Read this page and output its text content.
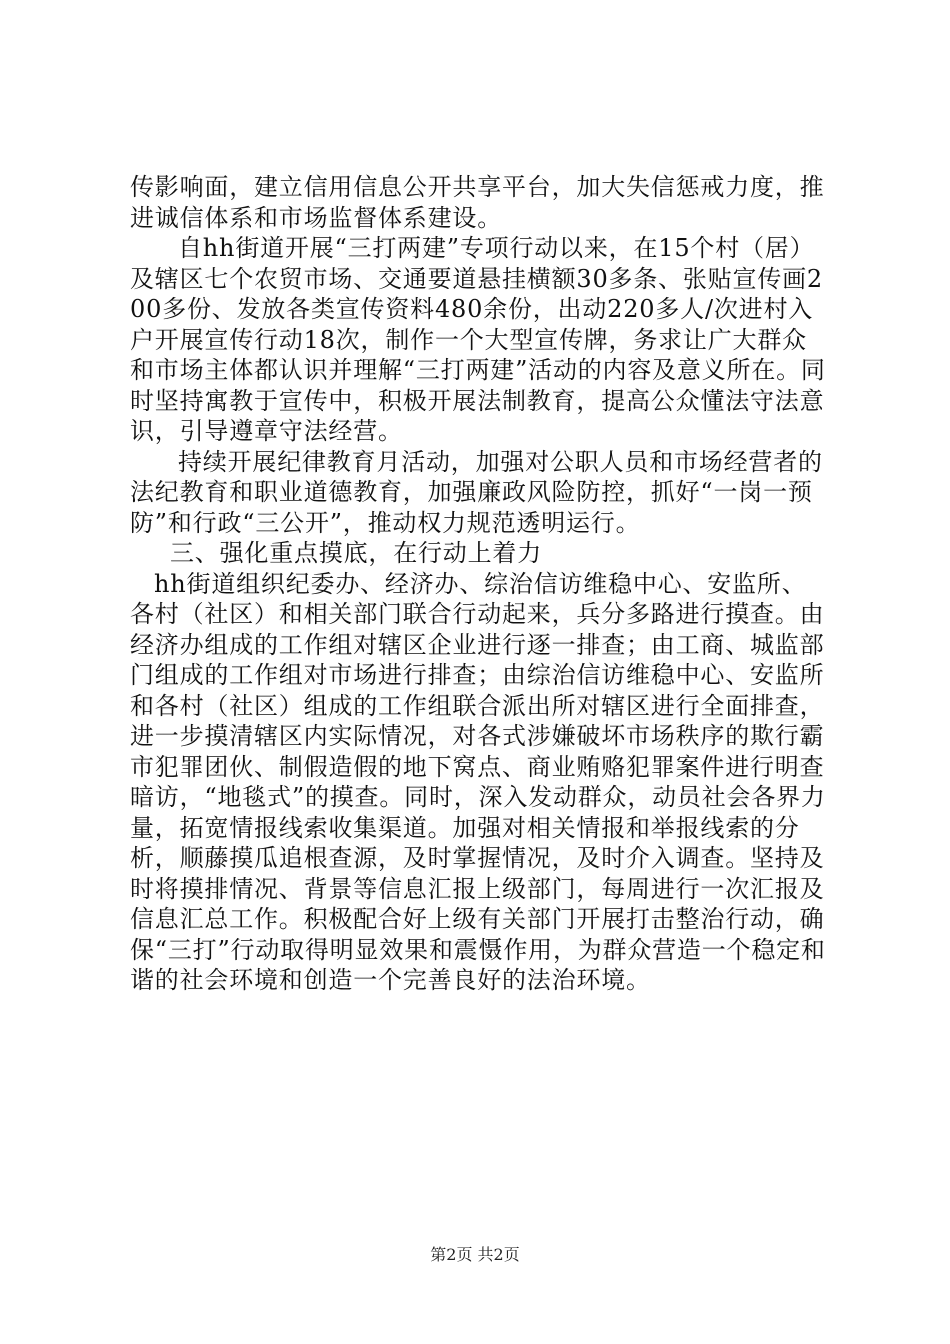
传影响面，建立信用信息公开共享平台，加大失信惩戒力度，推进诚信体系和市场监督体系建设。

自hh街道开展“三打两建”专项行动以来，在15个村（居）及辖区七个农贸市场、交通要道悬挂横额30多条、张贴宣传画200多份、发放各类宣传资料480余份，出动220多人/次进村入户开展宣传行动18次，制作一个大型宣传牌，务求让广大群众和市场主体都认识并理解“三打两建”活动的内容及意义所在。同时坚持寓教于宣传中，积极开展法制教育，提高公众懂法守法意识，引导遵章守法经营。

持续开展纪律教育月活动，加强对公职人员和市场经营者的法纪教育和职业道德教育，加强廉政风险防控，抓好“一岗一预防”和行政“三公开”，推动权力规范透明运行。

三、强化重点摸底，在行动上着力

hh街道组织纪委办、经济办、综治信访维稳中心、安监所、各村（社区）和相关部门联合行动起来，兵分多路进行摸查。由经济办组成的工作组对辖区企业进行逐一排查；由工商、城监部门组成的工作组对市场进行排查；由综治信访维稳中心、安监所和各村（社区）组成的工作组联合派出所对辖区进行全面排查，进一步摸清辖区内实际情况，对各式涉嫌破坏市场秩序的欺行霸市犯罪团伙、制假造假的地下窝点、商业贿赂犯罪案件进行明查暗访，“地毯式”的摸查。同时，深入发动群众，动员社会各界力量，拓宽情报线索收集渠道。加强对相关情报和举报线索的分析，顺藤摸瓜追根查源，及时掌握情况，及时介入调查。坚持及时将摸排情况、背景等信息汇报上级部门，每周进行一次汇报及信息汇总工作。积极配合好上级有关部门开展打击整治行动，确保“三打”行动取得明显效果和震慑作用，为群众营造一个稳定和谐的社会环境和创造一个完善良好的法治环境。

第2页 共2页
